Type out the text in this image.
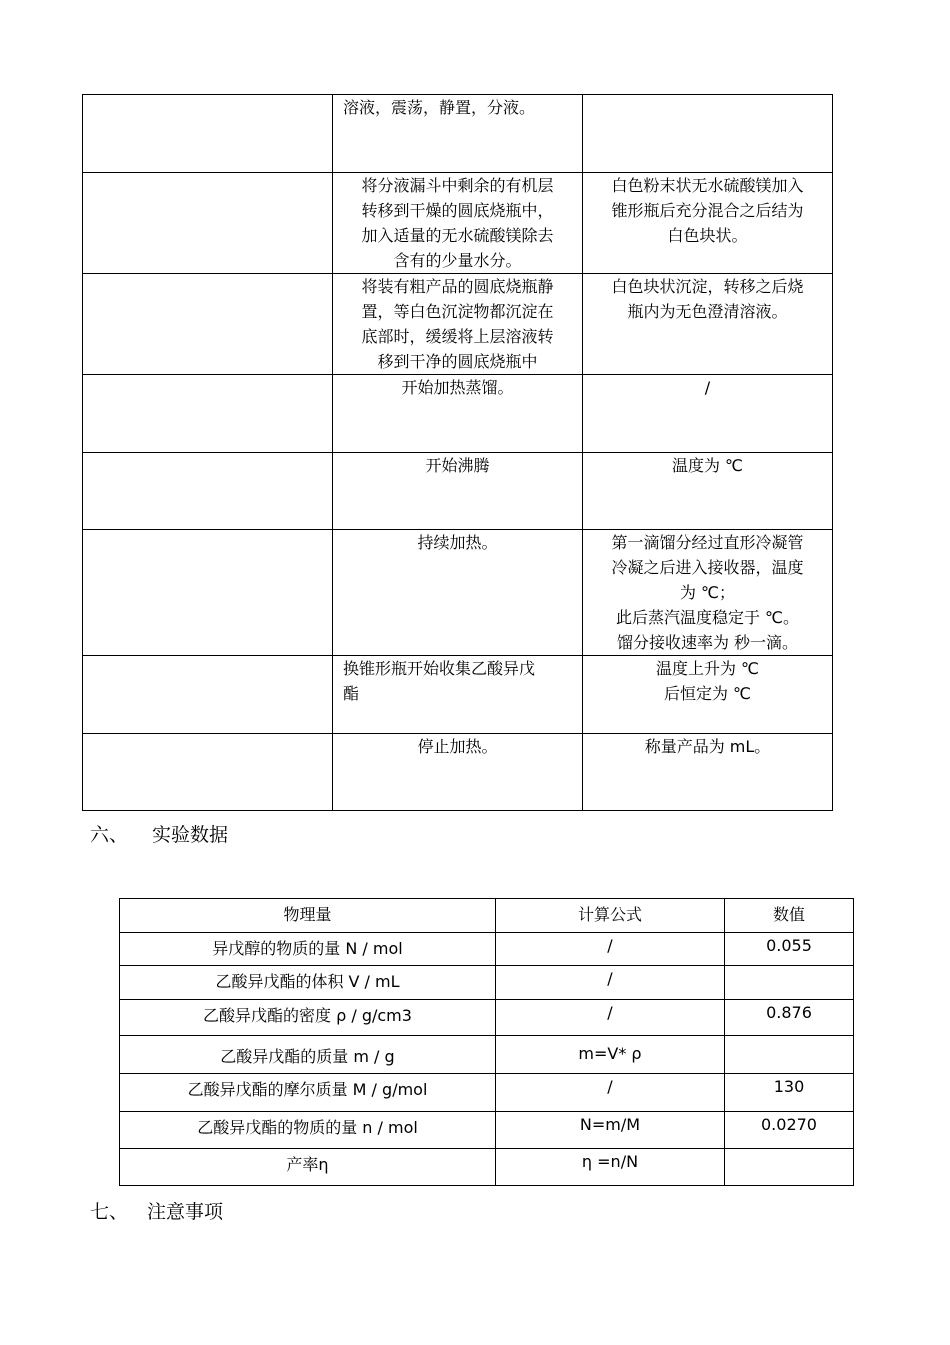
	溶液，震荡，静置，分液。	

	将分液漏斗中剩余的有机层
转移到干燥的圆底烧瓶中，
加入适量的无水硫酸镁除去
含有的少量水分。	白色粉末状无水硫酸镁加入
锥形瓶后充分混合之后结为
白色块状。

	将装有粗产品的圆底烧瓶静
置，等白色沉淀物都沉淀在
底部时，缓缓将上层溶液转
移到干净的圆底烧瓶中	白色块状沉淀，转移之后烧
瓶内为无色澄清溶液。

	开始加热蒸馏。	/

	开始沸腾	温度为 ℃

	持续加热。	第一滴馏分经过直形冷凝管
冷凝之后进入接收器，温度
为 ℃；
此后蒸汽温度稳定于 ℃。
馏分接收速率为 秒一滴。

	换锥形瓶开始收集乙酸异戊
酯	温度上升为 ℃
后恒定为 ℃

	停止加热。	称量产品为 mL。
六、 实验数据
物理量	计算公式	数值
异戊醇的物质的量 N / mol	/	0.055
乙酸异戊酯的体积 V / mL	/	
乙酸异戊酯的密度 ρ / g/cm3	/	0.876
乙酸异戊酯的质量 m / g	m=V* ρ	
乙酸异戊酯的摩尔质量 M / g/mol	/	130
乙酸异戊酯的物质的量 n / mol	N=m/M	0.0270
产率η	η =n/N	
七、 注意事项
